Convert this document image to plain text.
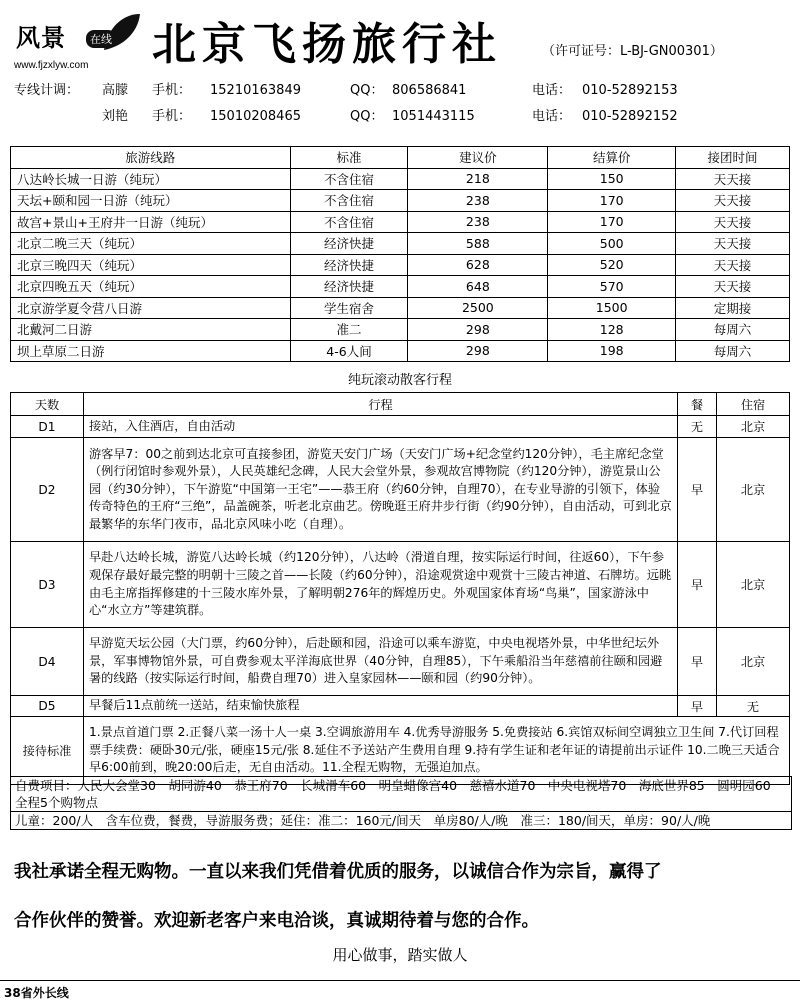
风景	在线
www.fjzxlyw.com 北京飞扬旅行社	（许可证号：L-BJ-GN00301）
专线计调：	高朦	手机：	15210163849	QQ： 806586841	电话： 010-52892153
刘艳	手机：	15010208465	QQ： 1051443115	电话： 010-52892152
旅游线路	标准	建议价	结算价	接团时间
八达岭长城一日游（纯玩）	不含住宿	218	150	天天接
天坛+颐和园一日游（纯玩）	不含住宿	238	170	天天接
故宫+景山+王府井一日游（纯玩）	不含住宿	238	170	天天接
北京二晚三天（纯玩）	经济快捷	588	500	天天接
北京三晚四天（纯玩）	经济快捷	628	520	天天接
北京四晚五天（纯玩）	经济快捷	648	570	天天接
北京游学夏令营八日游	学生宿舍	2500	1500	定期接
北戴河二日游	准二	298	128	每周六
坝上草原二日游	4-6人间	298	198	每周六
纯玩滚动散客行程
天数	行程	餐	住宿
D1	接站，入住酒店，自由活动	无	北京
D2	游客早7：00之前到达北京可直接参团，游览天安门广场（天安门广场+纪念堂约120分钟），毛主席纪念堂（例行闭馆时参观外景），人民英雄纪念碑，人民大会堂外景，参观故宫博物院（约120分钟），游览景山公园（约30分钟），下午游览“中国第一王宅”——恭王府（约60分钟，自理70），在专业导游的引领下，体验传奇特色的王府“三绝”，品盖碗茶，听老北京曲艺。傍晚逛王府井步行街（约90分钟），自由活动，可到北京最繁华的东华门夜市，品北京风味小吃（自理）。	早	北京
D3	早赴八达岭长城，游览八达岭长城（约120分钟），八达岭（滑道自理，按实际运行时间，往返60），下午参观保存最好最完整的明朝十三陵之首——长陵（约60分钟），沿途观赏途中观赏十三陵古神道、石牌坊。远眺由毛主席指挥修建的十三陵水库外景，了解明朝276年的辉煌历史。外观国家体育场“鸟巢”，国家游泳中心“水立方”等建筑群。	早	北京
D4	早游览天坛公园（大门票，约60分钟），后赴颐和园，沿途可以乘车游览，中央电视塔外景，中华世纪坛外景，军事博物馆外景，可自费参观太平洋海底世界（40分钟，自理85），下午乘船沿当年慈禧前往颐和园避暑的线路（按实际运行时间，船费自理70）进入皇家园林——颐和园（约90分钟）。	早	北京
D5	早餐后11点前统一送站，结束愉快旅程	早	无
接待标准	1.景点首道门票 2.正餐八菜一汤十人一桌 3.空调旅游用车 4.优秀导游服务 5.免费接站 6.宾馆双标间空调独立卫生间 7.代订回程票手续费：硬卧30元/张，硬座15元/张 8.延住不予送站产生费用自理 9.持有学生证和老年证的请提前出示证件 10.二晚三天适合早6:00前到，晚20:00后走，无自由活动。11.全程无购物，无强迫加点。		
自费项目：人民大会堂30　胡同游40　恭王府70　长城滑车60　明皇蜡像宫40　慈禧水道70　中央电视塔70　海底世界85　圆明园60　全程5个购物点
儿童：200/人　含车位费，餐费，导游服务费；延住：准二：160元/间天　单房80/人/晚　准三：180/间天，单房：90/人/晚
我社承诺全程无购物。一直以来我们凭借着优质的服务，以诚信合作为宗旨，赢得了
合作伙伴的赞誉。欢迎新老客户来电洽谈，真诚期待着与您的合作。
用心做事，踏实做人
38省外长线
